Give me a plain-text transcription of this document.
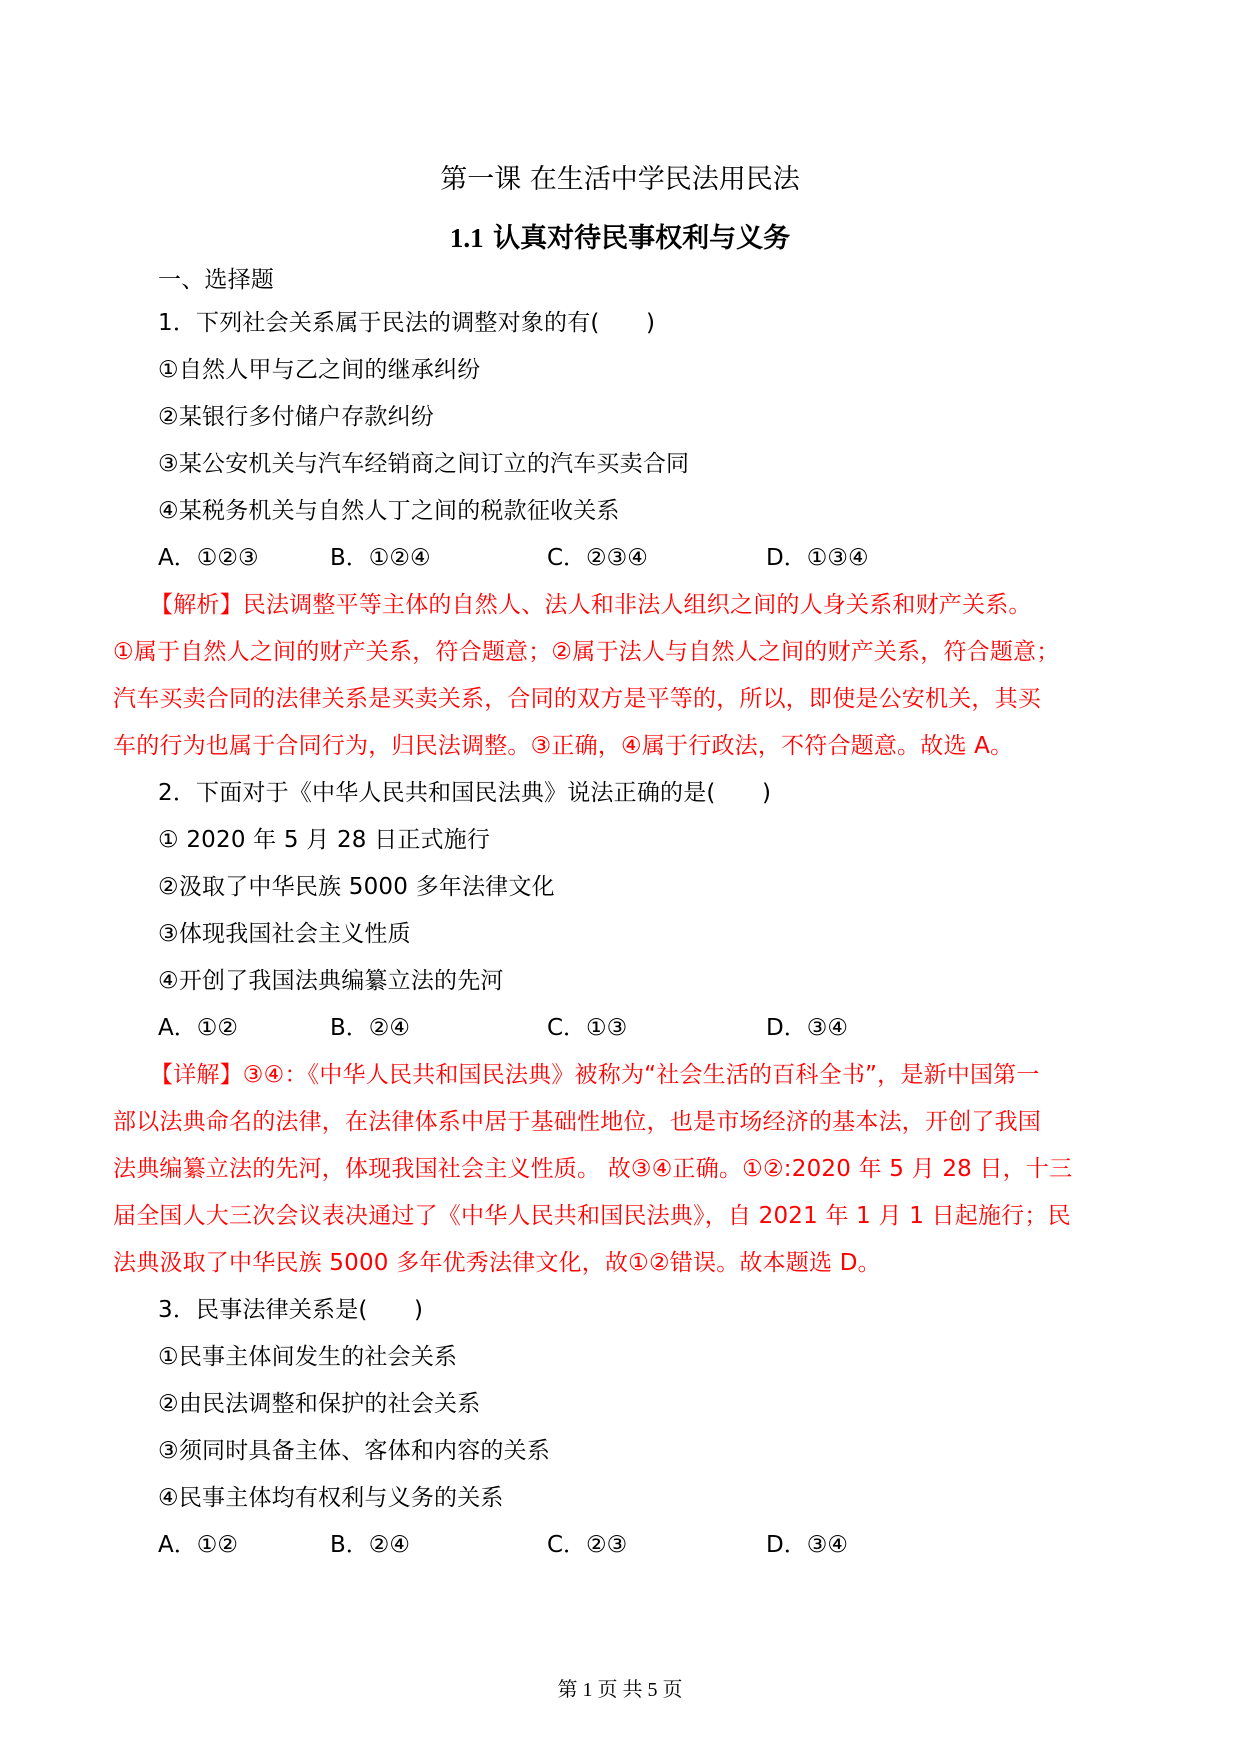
第一课 在生活中学民法用民法
1.1 认真对待民事权利与义务
一、选择题
1．下列社会关系属于民法的调整对象的有(　　)
①自然人甲与乙之间的继承纠纷
②某银行多付储户存款纠纷
③某公安机关与汽车经销商之间订立的汽车买卖合同
④某税务机关与自然人丁之间的税款征收关系
A．①②③	B．①②④	C．②③④	D．①③④
【解析】民法调整平等主体的自然人、法人和非法人组织之间的人身关系和财产关系。
①属于自然人之间的财产关系，符合题意；②属于法人与自然人之间的财产关系，符合题意；
汽车买卖合同的法律关系是买卖关系，合同的双方是平等的，所以，即使是公安机关，其买
车的行为也属于合同行为，归民法调整。③正确，④属于行政法，不符合题意。故选 A。
2．下面对于《中华人民共和国民法典》说法正确的是(　　)
① 2020 年 5 月 28 日正式施行
②汲取了中华民族 5000 多年法律文化
③体现我国社会主义性质
④开创了我国法典编纂立法的先河
A．①②	B．②④	C．①③	D．③④
【详解】③④：《中华人民共和国民法典》被称为“社会生活的百科全书”，是新中国第一
部以法典命名的法律，在法律体系中居于基础性地位，也是市场经济的基本法，开创了我国
法典编纂立法的先河，体现我国社会主义性质。 故③④正确。①②:2020 年 5 月 28 日，十三
届全国人大三次会议表决通过了《中华人民共和国民法典》，自 2021 年 1 月 1 日起施行；民
法典汲取了中华民族 5000 多年优秀法律文化，故①②错误。故本题选 D。
3．民事法律关系是(　　)
①民事主体间发生的社会关系
②由民法调整和保护的社会关系
③须同时具备主体、客体和内容的关系
④民事主体均有权利与义务的关系
A．①②	B．②④	C．②③	D．③④
第 1 页 共 5 页
